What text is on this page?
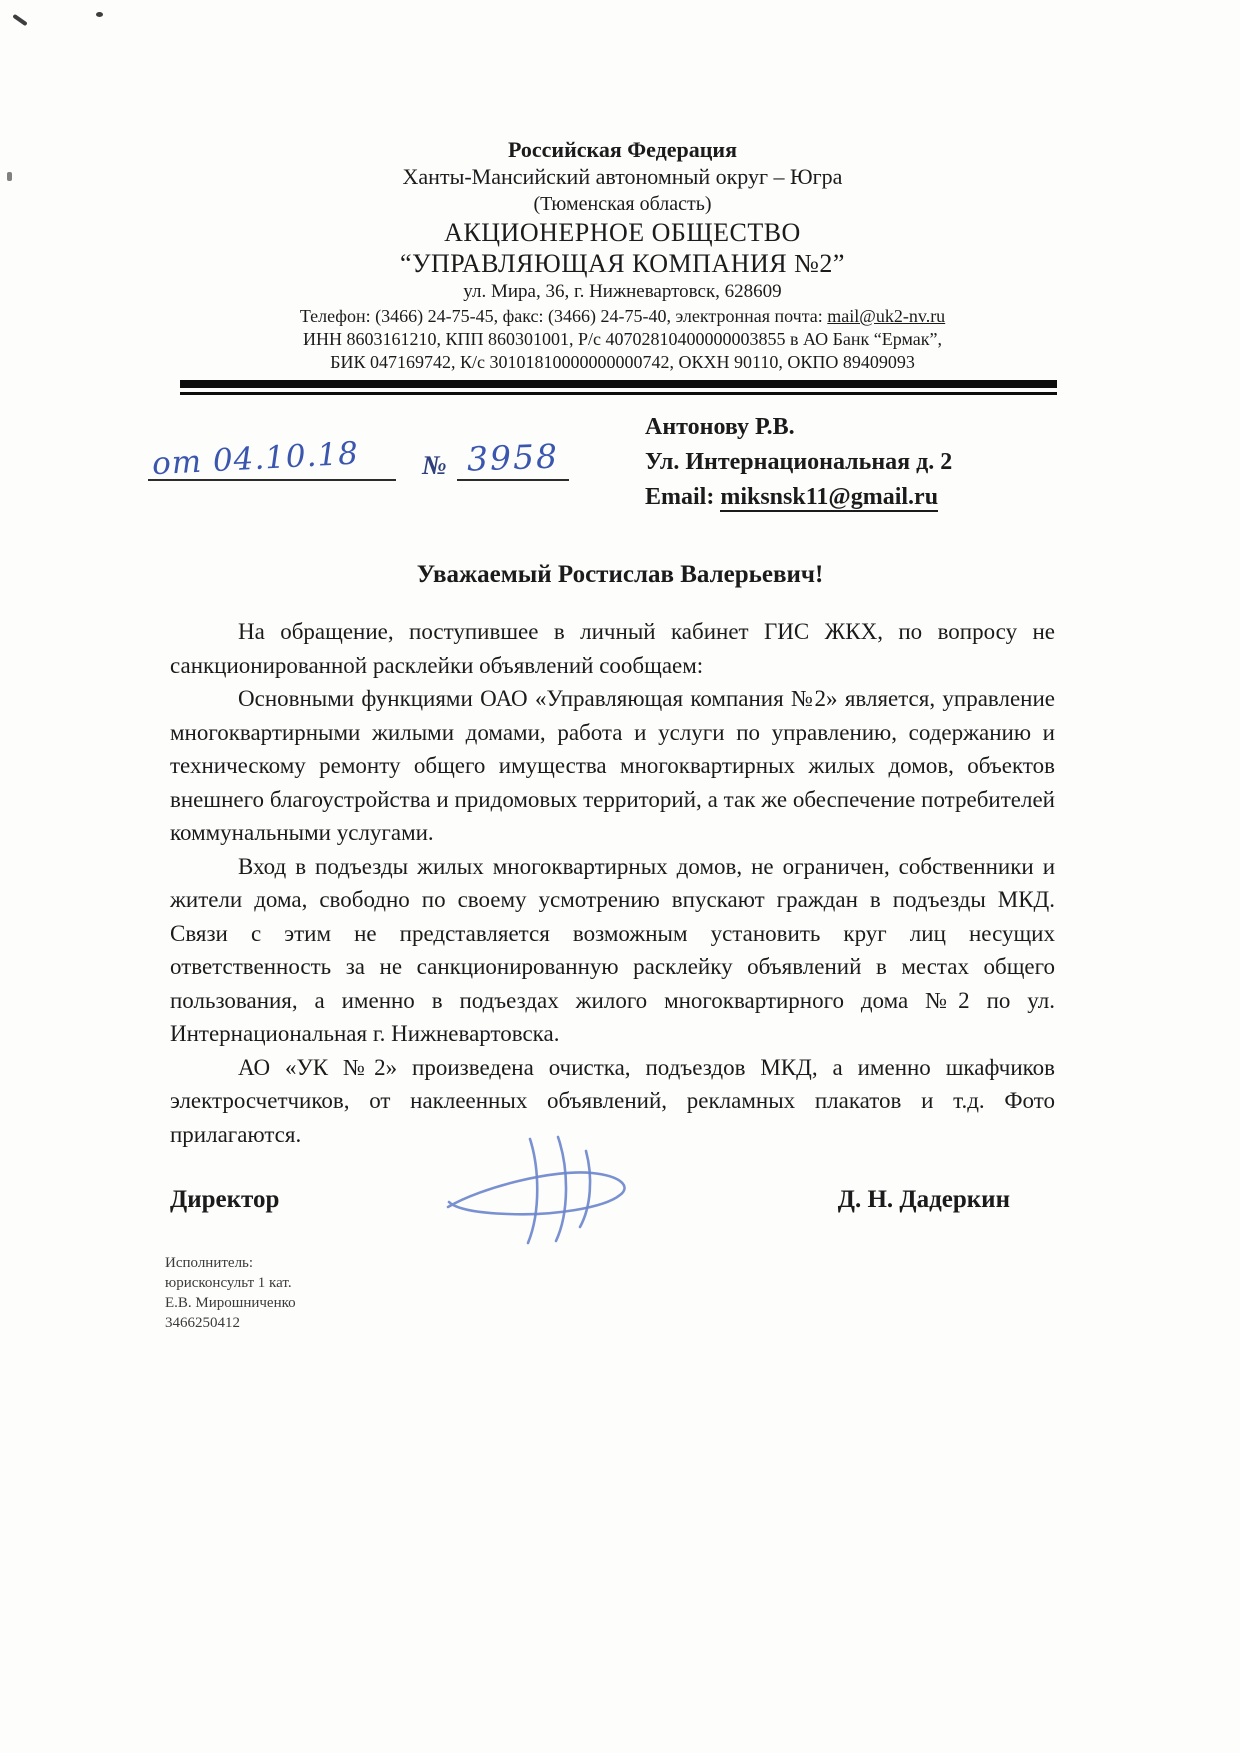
Российская Федерация
Ханты-Мансийский автономный округ – Югра
(Тюменская область)
АКЦИОНЕРНОЕ ОБЩЕСТВО
“УПРАВЛЯЮЩАЯ КОМПАНИЯ №2”
ул. Мира, 36, г. Нижневартовск, 628609
Телефон: (3466) 24-75-45, факс: (3466) 24-75-40, электронная почта: mail@uk2-nv.ru
ИНН 8603161210, КПП 860301001, Р/с 40702810400000003855 в АО Банк “Ермак”,
БИК 047169742, К/с 30101810000000000742, ОКХН 90110, ОКПО 89409093
от 04.10.18 № 3958
Антонову Р.В.
Ул. Интернациональная д. 2
Email: miksnsk11@gmail.ru
Уважаемый Ростислав Валерьевич!

На обращение, поступившее в личный кабинет ГИС ЖКХ, по вопросу не санкционированной расклейки объявлений сообщаем:

Основными функциями ОАО «Управляющая компания №2» является, управление многоквартирными жилыми домами, работа и услуги по управлению, содержанию и техническому ремонту общего имущества многоквартирных жилых домов, объектов внешнего благоустройства и придомовых территорий, а так же обеспечение потребителей коммунальными услугами.

Вход в подъезды жилых многоквартирных домов, не ограничен, собственники и жители дома, свободно по своему усмотрению впускают граждан в подъезды МКД. Связи с этим не представляется возможным установить круг лиц несущих ответственность за не санкционированную расклейку объявлений в местах общего пользования, а именно в подъездах жилого многоквартирного дома №2 по ул. Интернациональная г. Нижневартовска.

АО «УК №2» произведена очистка, подъездов МКД, а именно шкафчиков электросчетчиков, от наклеенных объявлений, рекламных плакатов и т.д. Фото прилагаются.

Директор	Д. Н. Дадеркин
Исполнитель:
юрисконсульт 1 кат.
Е.В. Мирошниченко
3466250412
